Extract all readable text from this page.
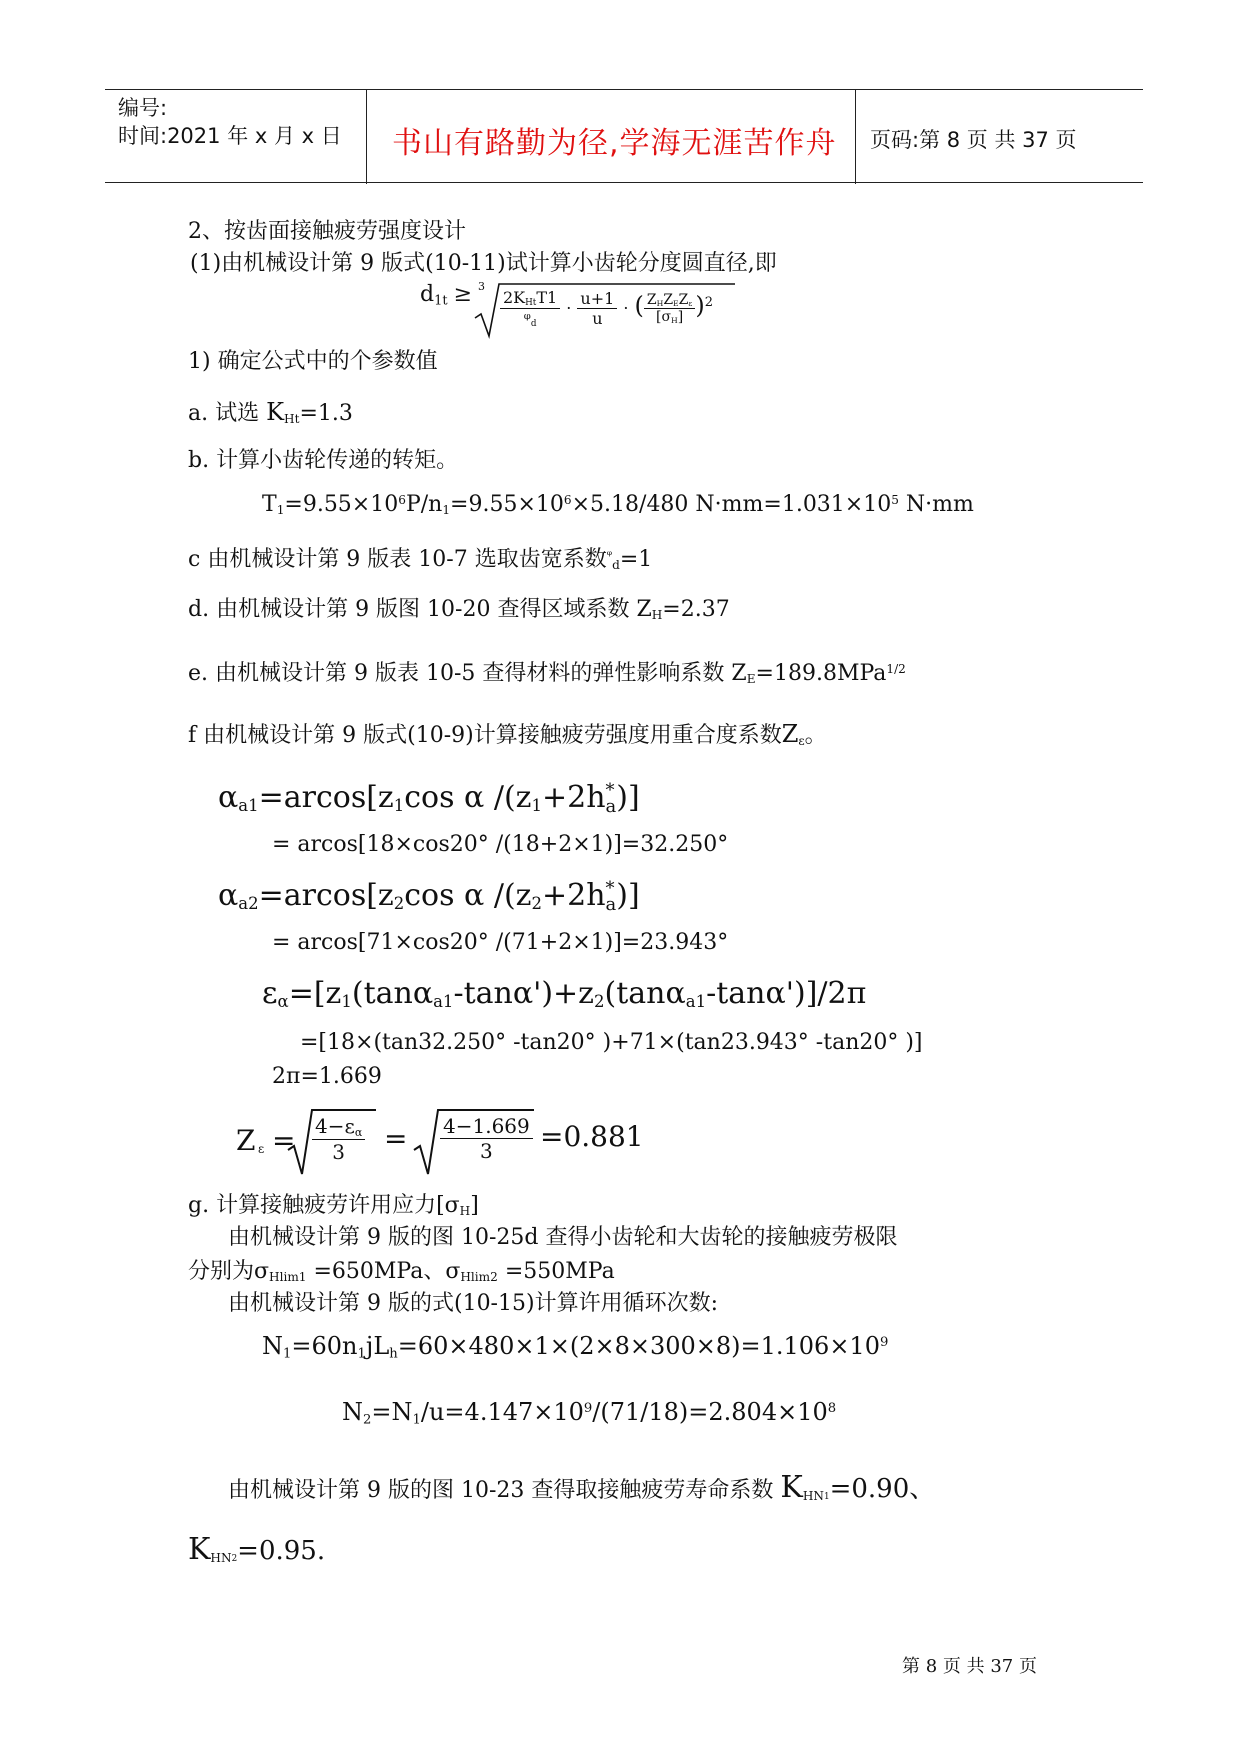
编号:
时间:2021 年 x 月 x 日 书山有路勤为径,学海无涯苦作舟 页码:第 8 页 共 37 页
2、按齿面接触疲劳强度设计
(1)由机械设计第 9 版式(10-11)试计算小齿轮分度圆直径,即
$d_{1t} \ge 3$
$\frac{2K_{Ht}T1}{ᵠ_d} \cdot \frac{u+1}{u}$ · ( $\frac{Z_HZ_EZ_\varepsilon}{[\sigma_H]} )^2$
1) 确定公式中的个参数值
a. 试选 $K_{Ht}=1.3$
b. 计算小齿轮传递的转矩。
$T_1=9.55\times 10^6P/n_1=9.55\times 10^6\times 5.18/480$ $N\cdot mm=1.031\times 10^5$ N·mm
c 由机械设计第 9 版表 10-7 选取齿宽系数$^ᵠ_d$=1
d. 由机械设计第 9 版图 10-20 查得区域系数 $Z_H=2.37$
e. 由机械设计第 9 版表 10-5 查得材料的弹性影响系数 $Z_E=189.8MPa^{1/2}$
f 由机械设计第 9 版式(10-9)计算接触疲劳强度用重合度系数$Z_\varepsilon$。
$\alpha_{a1}=arcos[z_1\cos$ α $/(z_1+2h$ *
a )]
= arcos[18×cos20° /(18+2×1)]=32.250°
$\alpha_{a2}=arcos[z_2\cos$ α $/(z_2+2h$ *
a )]
= arcos[71×cos20° /(71+2×1)]=23.943°
$\varepsilon_\alpha=[z_1(\tan\alpha_{a1}-\tan\alpha')+z_2(\tan\alpha_{a1}-\tan\alpha')]/2\pi$
=[18×(tan32.250° -tan20° )+71×(tan23.943° -tan20° )]
2π=1.669
Z $\varepsilon = \frac{4-\varepsilon_\alpha}{3} = \frac{4-1.669}{3} =0.881$
g. 计算接触疲劳许用应力$[\sigma_H]$
由机械设计第 9 版的图 10-25d 查得小齿轮和大齿轮的接触疲劳极限
分别为$\sigma_{Hlim1} =650MPa$、$\sigma_{Hlim2} =550MPa$
由机械设计第 9 版的式(10-15)计算许用循环次数:
$N_1=60n_1jL_h=60\times 480\times 1\times(2\times 8\times 300\times 8)=1.106\times 10^9$
$N_2=N_1/u=4.147\times 10^9/(71/18)=2.804\times 10^8$
由机械设计第 9 版的图 10-23 查得取接触疲劳寿命系数 $K_{HN1}=0.90$、
$K_{HN2}=0.95$.
第 8 页 共 37 页
